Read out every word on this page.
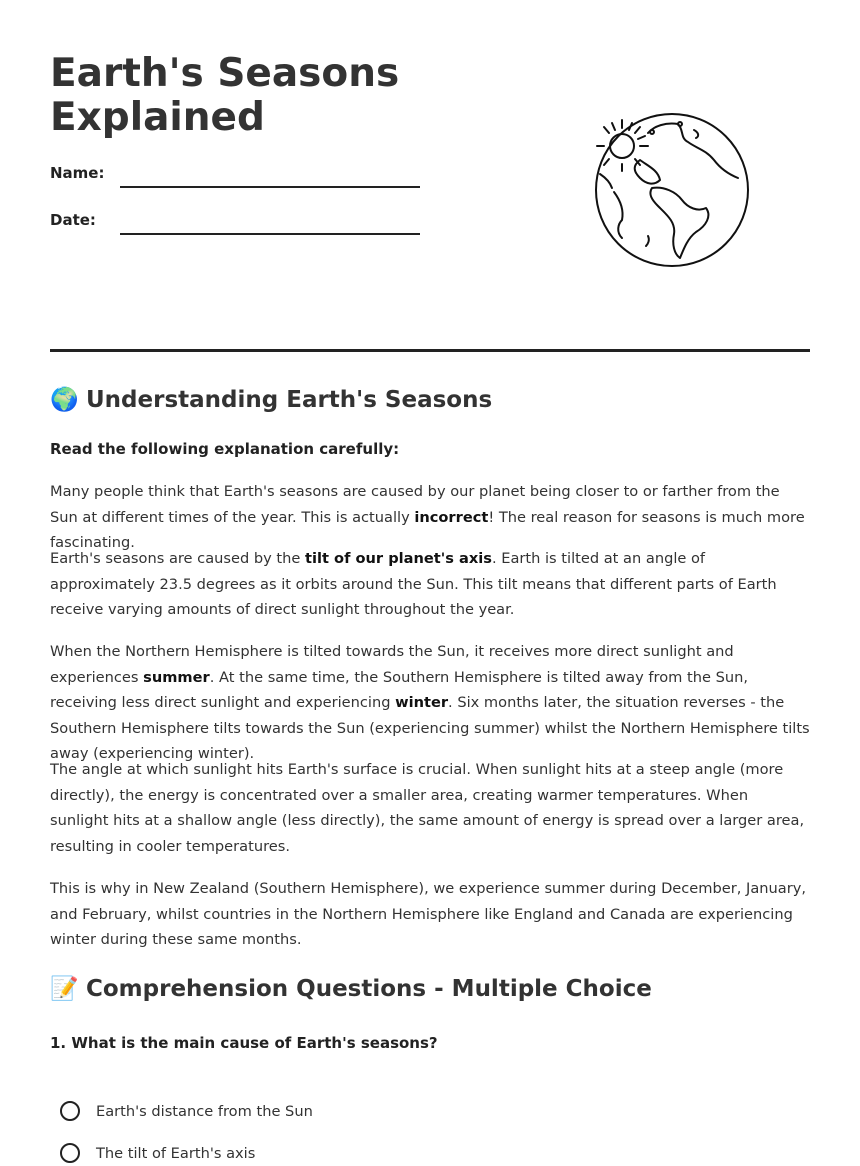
Earth's Seasons Explained
Name:
Date:
🌍 Understanding Earth's Seasons
Read the following explanation carefully:

Many people think that Earth's seasons are caused by our planet being closer to or farther from the Sun at different times of the year. This is actually incorrect! The real reason for seasons is much more fascinating.

Earth's seasons are caused by the tilt of our planet's axis. Earth is tilted at an angle of approximately 23.5 degrees as it orbits around the Sun. This tilt means that different parts of Earth receive varying amounts of direct sunlight throughout the year.

When the Northern Hemisphere is tilted towards the Sun, it receives more direct sunlight and experiences summer. At the same time, the Southern Hemisphere is tilted away from the Sun, receiving less direct sunlight and experiencing winter. Six months later, the situation reverses - the Southern Hemisphere tilts towards the Sun (experiencing summer) whilst the Northern Hemisphere tilts away (experiencing winter).

The angle at which sunlight hits Earth's surface is crucial. When sunlight hits at a steep angle (more directly), the energy is concentrated over a smaller area, creating warmer temperatures. When sunlight hits at a shallow angle (less directly), the same amount of energy is spread over a larger area, resulting in cooler temperatures.

This is why in New Zealand (Southern Hemisphere), we experience summer during December, January, and February, whilst countries in the Northern Hemisphere like England and Canada are experiencing winter during these same months.

📝 Comprehension Questions - Multiple Choice
1. What is the main cause of Earth's seasons?
Earth's distance from the Sun
The tilt of Earth's axis
